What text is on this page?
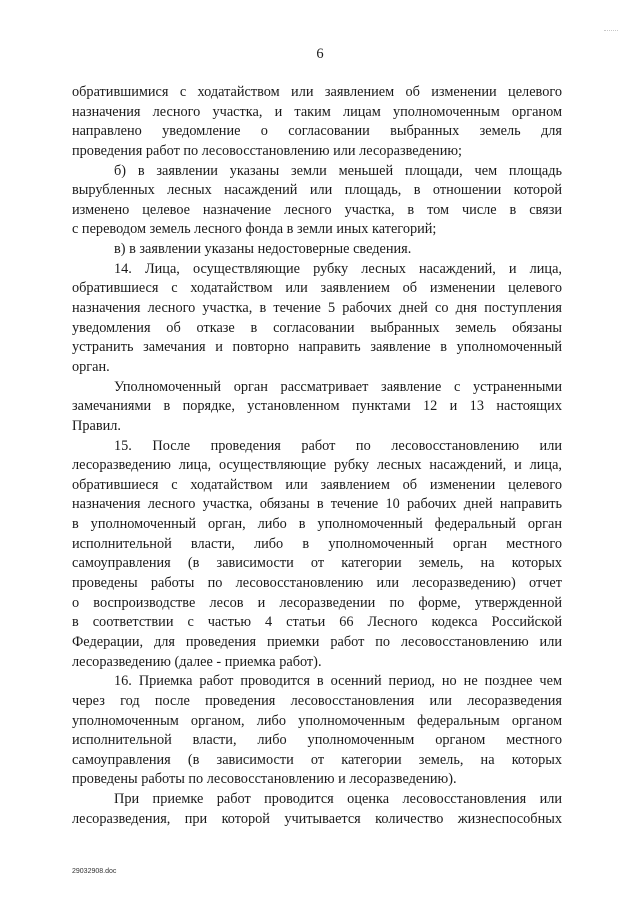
6
обратившимися с ходатайством или заявлением об изменении целевого
назначения лесного участка, и таким лицам уполномоченным органом
направлено уведомление о согласовании выбранных земель для
проведения работ по лесовосстановлению или лесоразведению;
б) в заявлении указаны земли меньшей площади, чем площадь
вырубленных лесных насаждений или площадь, в отношении которой
изменено целевое назначение лесного участка, в том числе в связи
с переводом земель лесного фонда в земли иных категорий;
в) в заявлении указаны недостоверные сведения.
14. Лица, осуществляющие рубку лесных насаждений, и лица,
обратившиеся с ходатайством или заявлением об изменении целевого
назначения лесного участка, в течение 5 рабочих дней со дня поступления
уведомления об отказе в согласовании выбранных земель обязаны
устранить замечания и повторно направить заявление в уполномоченный
орган.
Уполномоченный орган рассматривает заявление с устраненными
замечаниями в порядке, установленном пунктами 12 и 13 настоящих
Правил.
15. После проведения работ по лесовосстановлению или
лесоразведению лица, осуществляющие рубку лесных насаждений, и лица,
обратившиеся с ходатайством или заявлением об изменении целевого
назначения лесного участка, обязаны в течение 10 рабочих дней направить
в уполномоченный орган, либо в уполномоченный федеральный орган
исполнительной власти, либо в уполномоченный орган местного
самоуправления (в зависимости от категории земель, на которых
проведены работы по лесовосстановлению или лесоразведению) отчет
о воспроизводстве лесов и лесоразведении по форме, утвержденной
в соответствии с частью 4 статьи 66 Лесного кодекса Российской
Федерации, для проведения приемки работ по лесовосстановлению или
лесоразведению (далее - приемка работ).
16. Приемка работ проводится в осенний период, но не позднее чем
через год после проведения лесовосстановления или лесоразведения
уполномоченным органом, либо уполномоченным федеральным органом
исполнительной власти, либо уполномоченным органом местного
самоуправления (в зависимости от категории земель, на которых
проведены работы по лесовосстановлению и лесоразведению).
При приемке работ проводится оценка лесовосстановления или
лесоразведения, при которой учитывается количество жизнеспособных
29032908.doc
